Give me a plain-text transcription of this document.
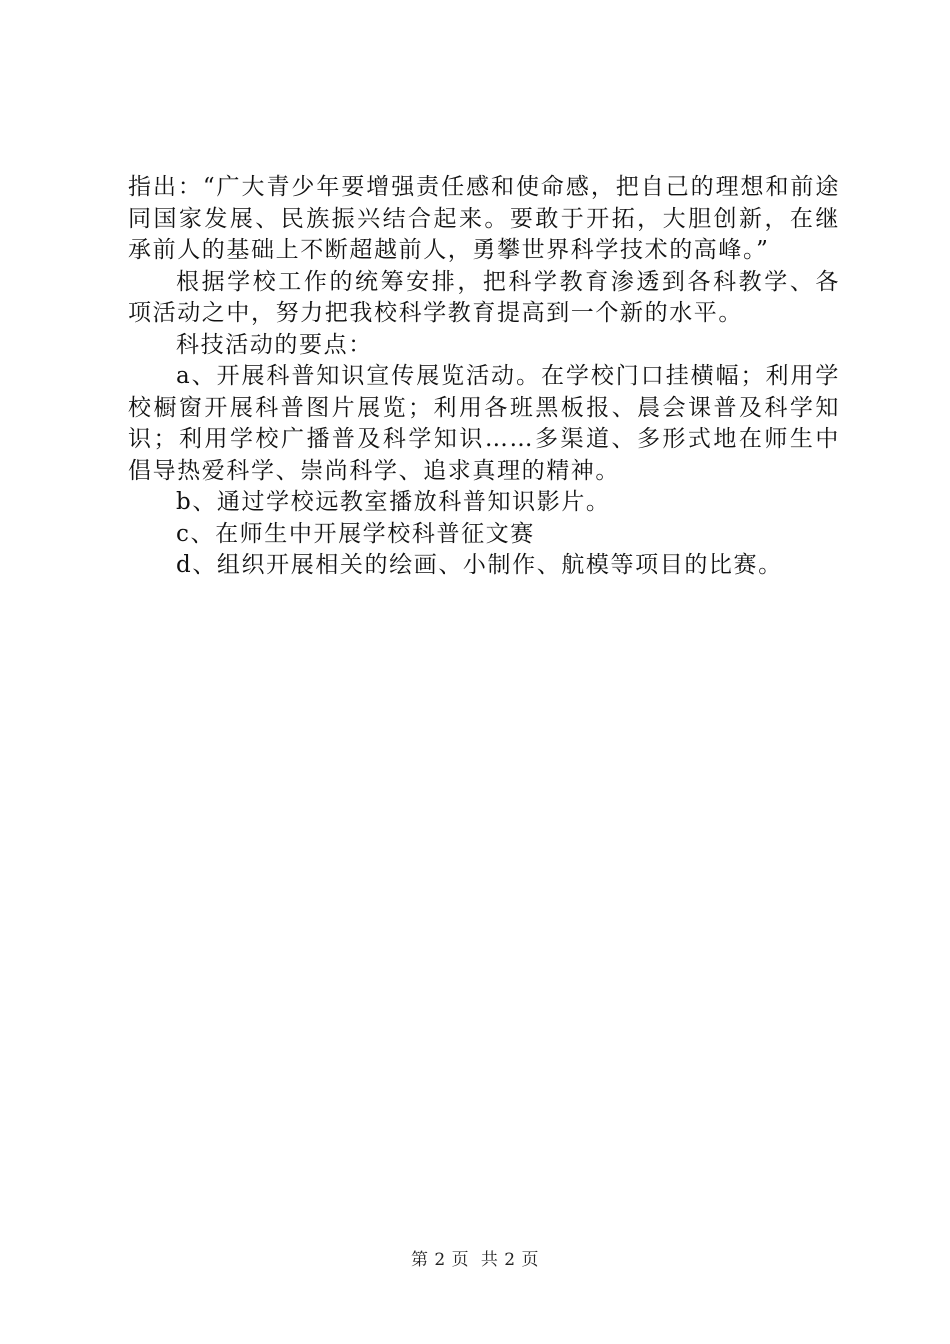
指出：“广大青少年要增强责任感和使命感，把自己的理想和前途同国家发展、民族振兴结合起来。要敢于开拓，大胆创新，在继承前人的基础上不断超越前人，勇攀世界科学技术的高峰。”

根据学校工作的统筹安排，把科学教育渗透到各科教学、各项活动之中，努力把我校科学教育提高到一个新的水平。

科技活动的要点：

a、开展科普知识宣传展览活动。在学校门口挂横幅；利用学校橱窗开展科普图片展览；利用各班黑板报、晨会课普及科学知识；利用学校广播普及科学知识……多渠道、多形式地在师生中倡导热爱科学、崇尚科学、追求真理的精神。

b、通过学校远教室播放科普知识影片。

c、在师生中开展学校科普征文赛

d、组织开展相关的绘画、小制作、航模等项目的比赛。

第 2 页 共 2 页
